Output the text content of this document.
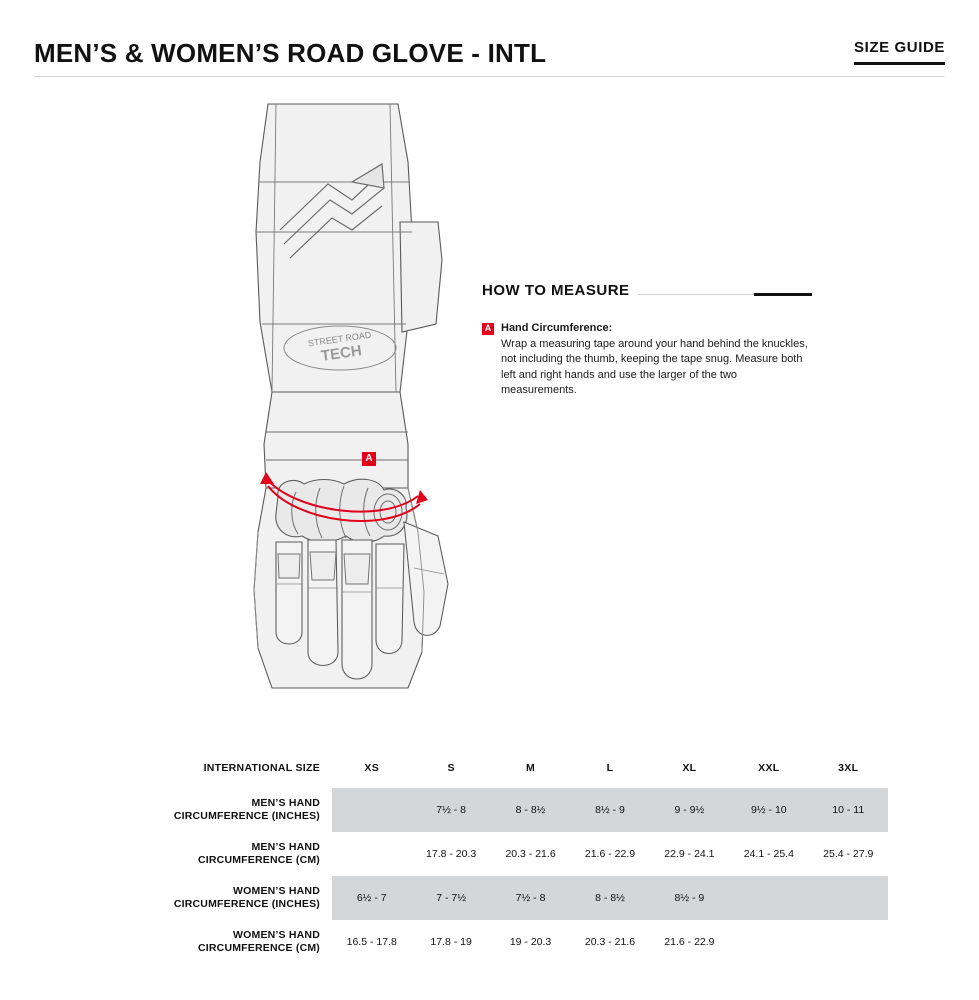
MEN’S & WOMEN’S ROAD GLOVE - INTL	SIZE GUIDE
STREET ROAD
TECH
A
HOW TO MEASURE
A Hand Circumference:

Wrap a measuring tape around your hand behind the knuckles, not including the thumb, keeping the tape snug. Measure both left and right hands and use the larger of the two measurements.

INTERNATIONAL SIZE	XS	S	M	L	XL	XXL	3XL
MEN’S HAND
CIRCUMFERENCE (INCHES)		7½ - 8	8 - 8½	8½ - 9	9 - 9½	9½ - 10	10 - 11
MEN’S HAND
CIRCUMFERENCE (CM)		17.8 - 20.3	20.3 - 21.6	21.6 - 22.9	22.9 - 24.1	24.1 - 25.4	25.4 - 27.9
WOMEN’S HAND
CIRCUMFERENCE (INCHES)	6½ - 7	7 - 7½	7½ - 8	8 - 8½	8½ - 9		
WOMEN’S HAND
CIRCUMFERENCE (CM)	16.5 - 17.8	17.8 - 19	19 - 20.3	20.3 - 21.6	21.6 - 22.9		
